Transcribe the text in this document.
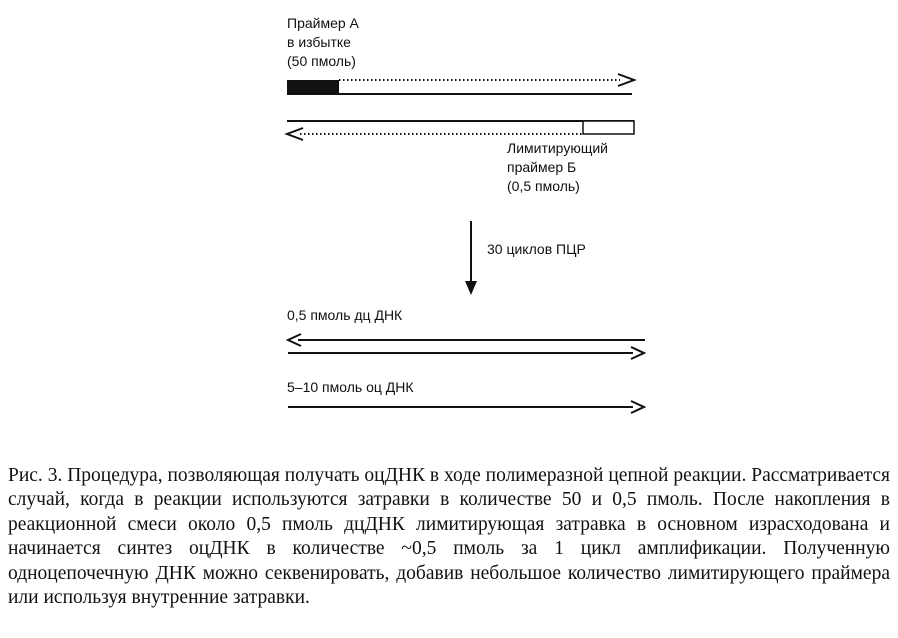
Праймер А
в избытке
(50 пмоль)
Лимитирующий
праймер Б
(0,5 пмоль)
30 циклов ПЦР
0,5 пмоль дц ДНК
5–10 пмоль оц ДНК

Рис. 3. Процедура, позволяющая получать оцДНК в ходе полимеразной цепной реакции. Рассматривается случай, когда в реакции используются затравки в количестве 50 и 0,5 пмоль. После накопления в реакционной смеси около 0,5 пмоль дцДНК лимитирующая затравка в основном израсходована и начинается синтез оцДНК в количестве ~0,5 пмоль за 1 цикл амплификации. Полученную одноцепочечную ДНК можно секвенировать, добавив небольшое количество лимитирующего праймера или используя внутренние затравки.
